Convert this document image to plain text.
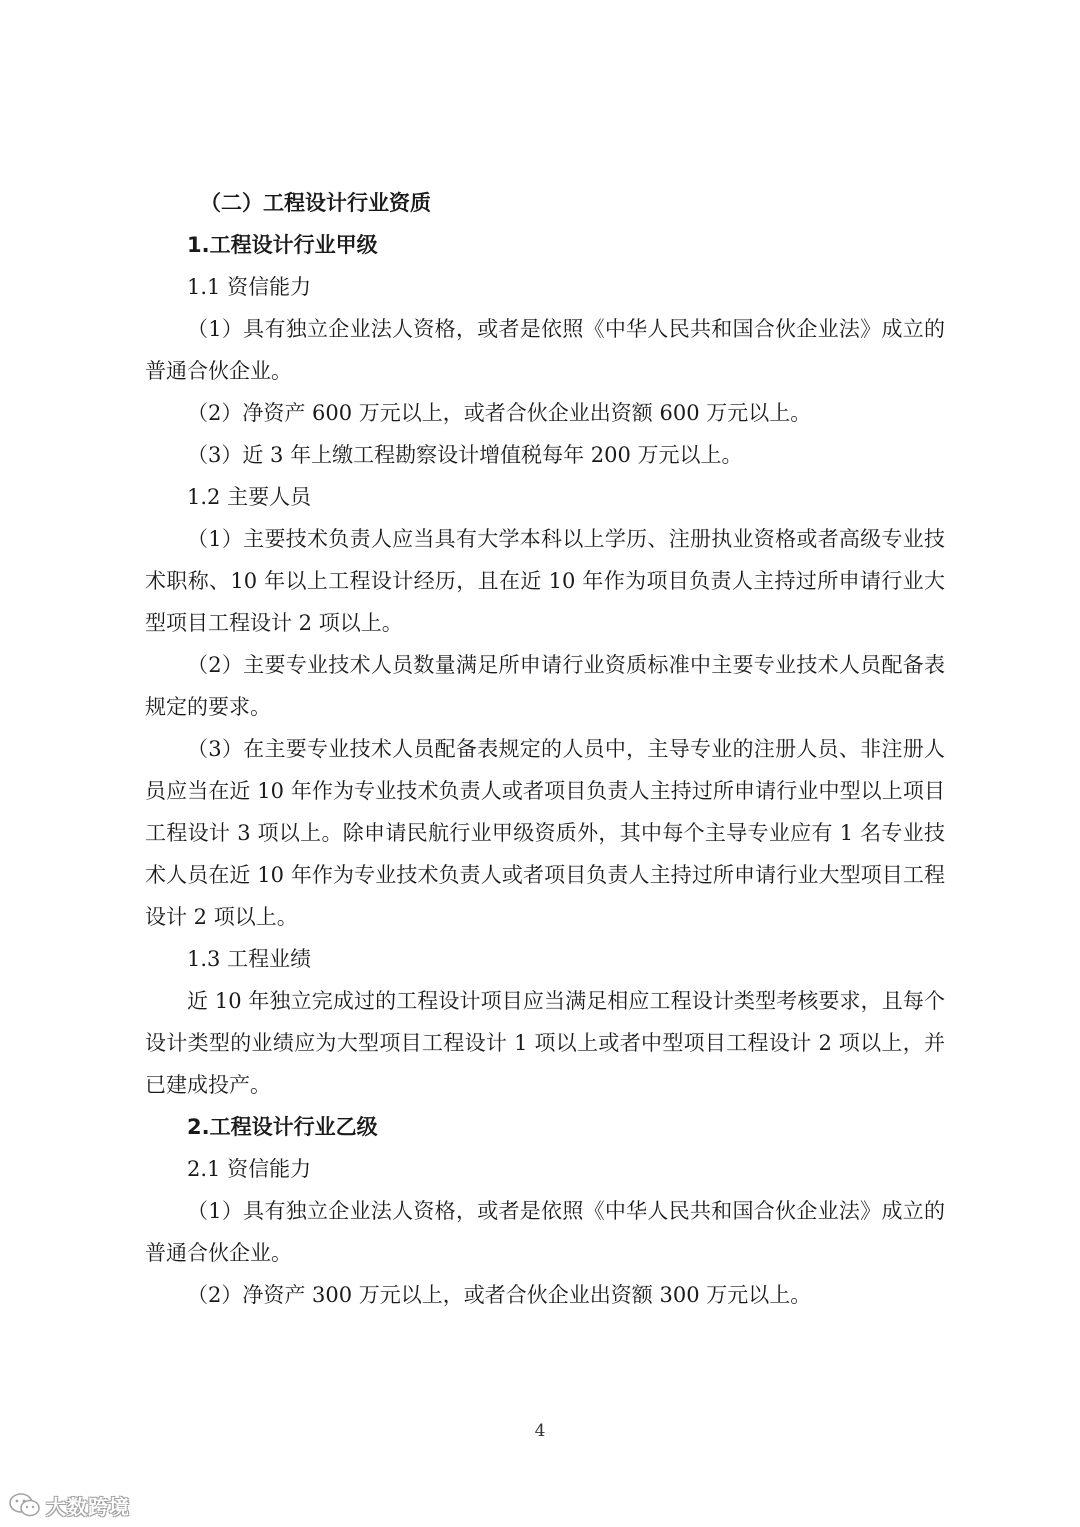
（二）工程设计行业资质

1.工程设计行业甲级

1.1 资信能力

（1）具有独立企业法人资格，或者是依照《中华人民共和国合伙企业法》成立的普通合伙企业。

（2）净资产 600 万元以上，或者合伙企业出资额 600 万元以上。

（3）近 3 年上缴工程勘察设计增值税每年 200 万元以上。

1.2 主要人员

（1）主要技术负责人应当具有大学本科以上学历、注册执业资格或者高级专业技术职称、10 年以上工程设计经历，且在近 10 年作为项目负责人主持过所申请行业大型项目工程设计 2 项以上。

（2）主要专业技术人员数量满足所申请行业资质标准中主要专业技术人员配备表规定的要求。

（3）在主要专业技术人员配备表规定的人员中，主导专业的注册人员、非注册人员应当在近 10 年作为专业技术负责人或者项目负责人主持过所申请行业中型以上项目工程设计 3 项以上。除申请民航行业甲级资质外，其中每个主导专业应有 1 名专业技术人员在近 10 年作为专业技术负责人或者项目负责人主持过所申请行业大型项目工程设计 2 项以上。

1.3 工程业绩

近 10 年独立完成过的工程设计项目应当满足相应工程设计类型考核要求，且每个设计类型的业绩应为大型项目工程设计 1 项以上或者中型项目工程设计 2 项以上，并已建成投产。

2.工程设计行业乙级

2.1 资信能力

（1）具有独立企业法人资格，或者是依照《中华人民共和国合伙企业法》成立的普通合伙企业。

（2）净资产 300 万元以上，或者合伙企业出资额 300 万元以上。

4
大数跨境
